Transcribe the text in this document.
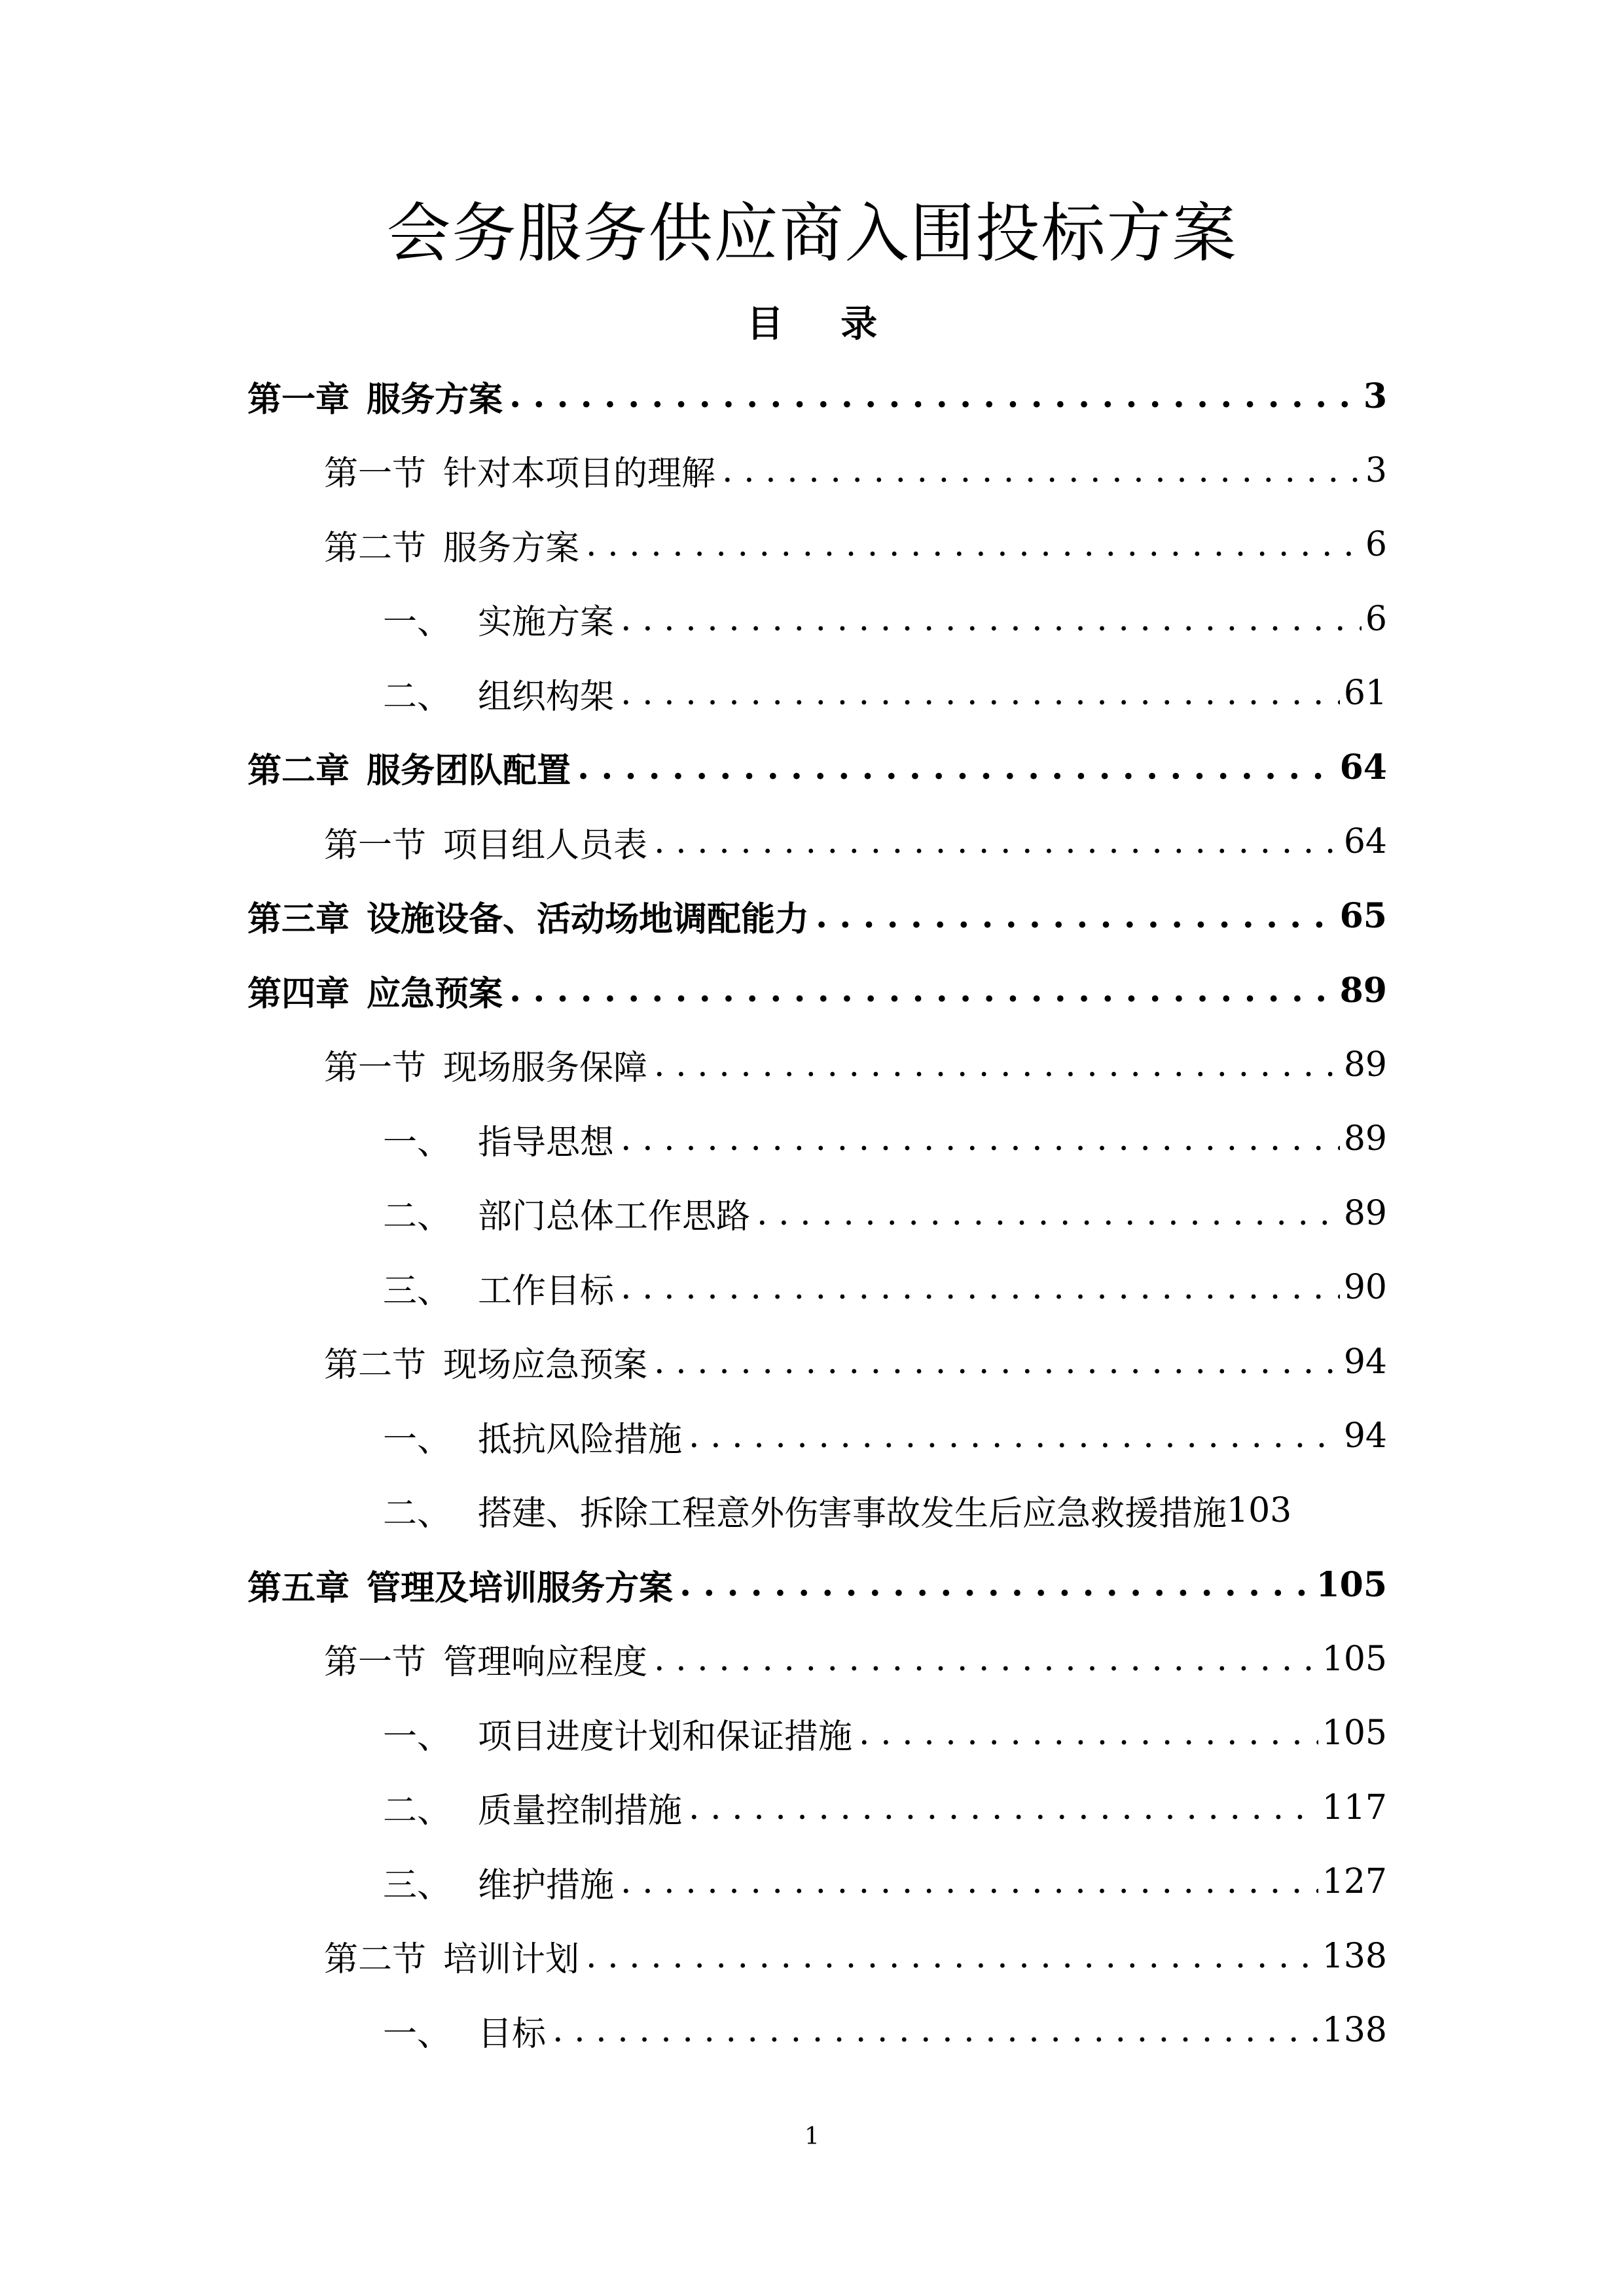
会务服务供应商入围投标方案
目 录
第一章 服务方案 . . .	3
第一节 针对本项目的理解 . . .	3
第二节 服务方案 . . .	6
一、 实施方案 . . .	6
二、 组织构架 . . .	61
第二章 服务团队配置 . . .	64
第一节 项目组人员表 . . .	64
第三章 设施设备、活动场地调配能力 . . .	65
第四章 应急预案 . . .	89
第一节 现场服务保障 . . .	89
一、 指导思想 . . .	89
二、 部门总体工作思路 . . .	89
三、 工作目标 . . .	90
第二节 现场应急预案 . . .	94
一、 抵抗风险措施 . . .	94
二、 搭建、拆除工程意外伤害事故发生后应急救援措施 103
第五章 管理及培训服务方案 . . .	105
第一节 管理响应程度 . . .	105
一、 项目进度计划和保证措施 . . .	105
二、 质量控制措施 . . .	117
三、 维护措施 . . .	127
第二节 培训计划 . . .	138
一、 目标 . . .	138
1
